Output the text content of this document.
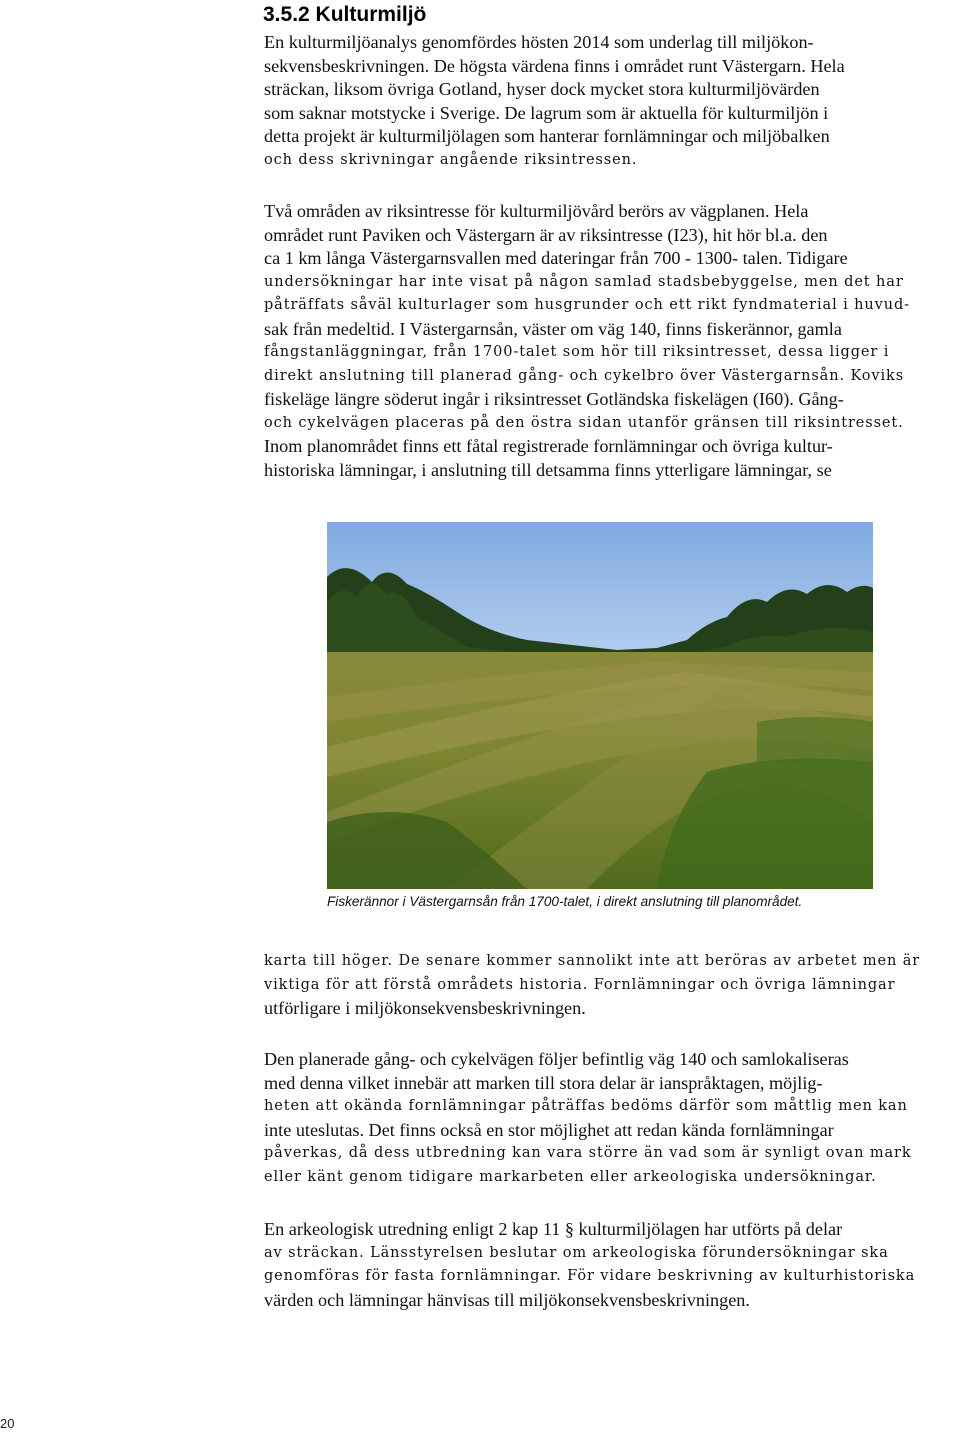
3.5.2 Kulturmiljö

En kulturmiljöanalys genomfördes hösten 2014 som underlag till miljökon-
sekvensbeskrivningen. De högsta värdena finns i området runt Västergarn. Hela
sträckan, liksom övriga Gotland, hyser dock mycket stora kulturmiljövärden
som saknar motstycke i Sverige. De lagrum som är aktuella för kulturmiljön i
detta projekt är kulturmiljölagen som hanterar fornlämningar och miljöbalken
och dess skrivningar angående riksintressen.

Två områden av riksintresse för kulturmiljövård berörs av vägplanen. Hela
området runt Paviken och Västergarn är av riksintresse (I23), hit hör bl.a. den
ca 1 km långa Västergarnsvallen med dateringar från 700 - 1300- talen. Tidigare
undersökningar har inte visat på någon samlad stadsbebyggelse, men det har
påträffats såväl kulturlager som husgrunder och ett rikt fyndmaterial i huvud-
sak från medeltid. I Västergarnsån, väster om väg 140, finns fiskerännor, gamla
fångstanläggningar, från 1700-talet som hör till riksintresset, dessa ligger i
direkt anslutning till planerad gång- och cykelbro över Västergarnsån. Koviks
fiskeläge längre söderut ingår i riksintresset Gotländska fiskelägen (I60). Gång-
och cykelvägen placeras på den östra sidan utanför gränsen till riksintresset.
Inom planområdet finns ett fåtal registrerade fornlämningar och övriga kultur-
historiska lämningar, i anslutning till detsamma finns ytterligare lämningar, se

Fiskerännor i Västergarnsån från 1700-talet, i direkt anslutning till planområdet.

karta till höger. De senare kommer sannolikt inte att beröras av arbetet men är
viktiga för att förstå områdets historia. Fornlämningar och övriga lämningar
utförligare i miljökonsekvensbeskrivningen.

Den planerade gång- och cykelvägen följer befintlig väg 140 och samlokaliseras
med denna vilket innebär att marken till stora delar är ianspråktagen, möjlig-
heten att okända fornlämningar påträffas bedöms därför som måttlig men kan
inte uteslutas. Det finns också en stor möjlighet att redan kända fornlämningar
påverkas, då dess utbredning kan vara större än vad som är synligt ovan mark
eller känt genom tidigare markarbeten eller arkeologiska undersökningar.

En arkeologisk utredning enligt 2 kap 11 § kulturmiljölagen har utförts på delar
av sträckan. Länsstyrelsen beslutar om arkeologiska förundersökningar ska
genomföras för fasta fornlämningar. För vidare beskrivning av kulturhistoriska
värden och lämningar hänvisas till miljökonsekvensbeskrivningen.

20
